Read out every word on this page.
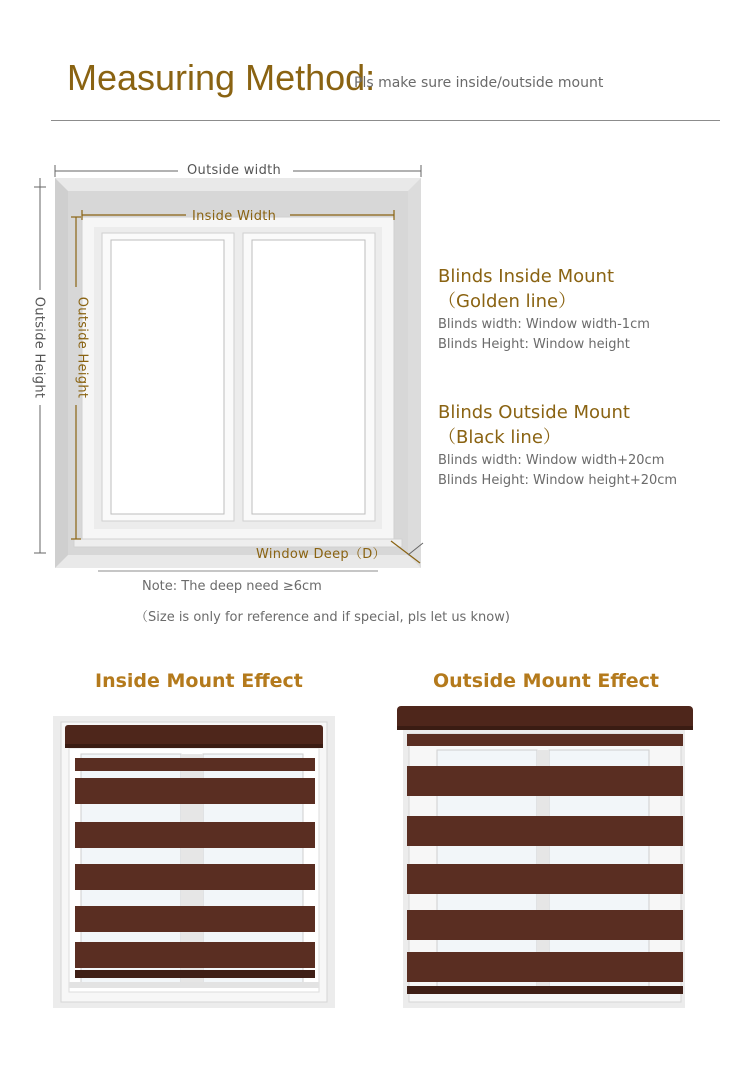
Measuring Method:
Pls make sure inside/outside mount
Outside width
Inside Width
Outside Height Outside Height
Window Deep（D）
Blinds Inside Mount
（Golden line）
Blinds width: Window width-1cm
Blinds Height: Window height
Blinds Outside Mount
（Black line）
Blinds width: Window width+20cm
Blinds Height: Window height+20cm
Note: The deep need ≥6cm
（Size is only for reference and if special, pls let us know)
Inside Mount Effect	Outside Mount Effect
